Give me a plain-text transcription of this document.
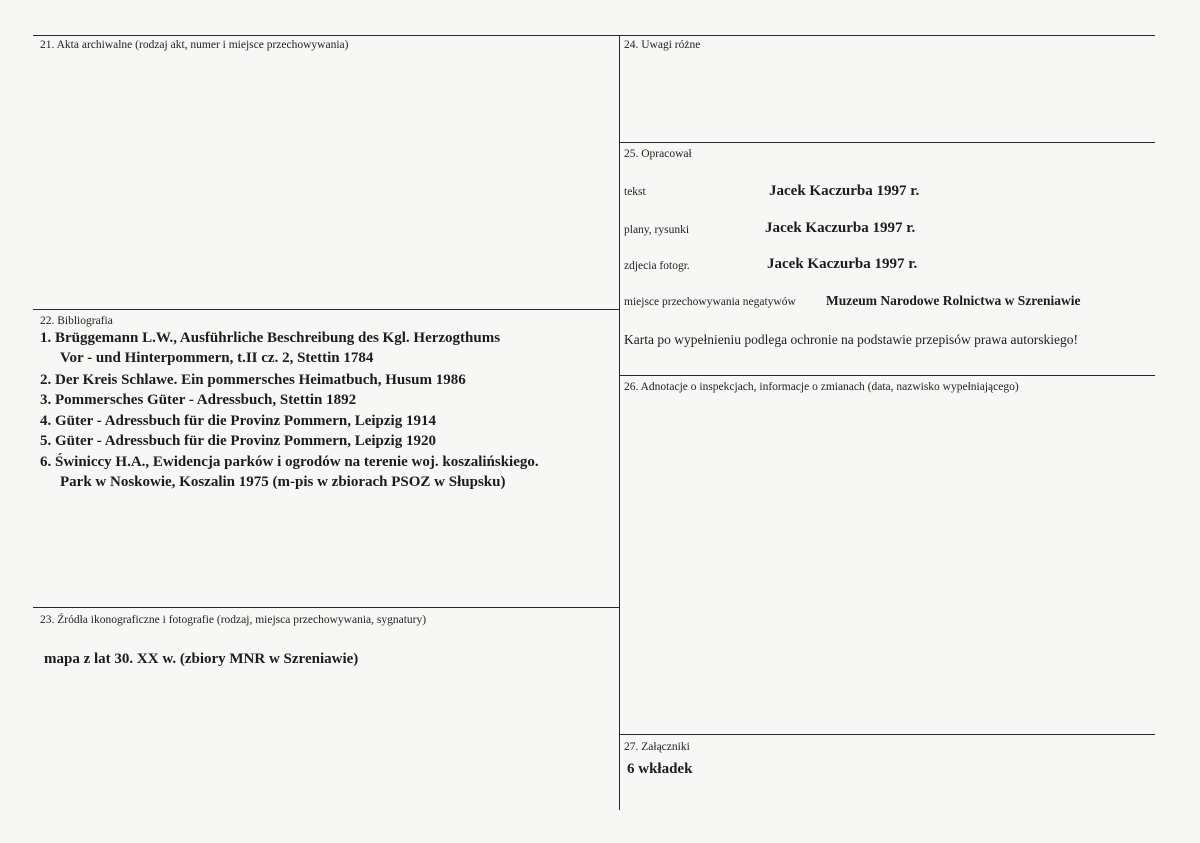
21. Akta archiwalne (rodzaj akt, numer i miejsce przechowywania)
22. Bibliografia
1. Brüggemann L.W., Ausführliche Beschreibung des Kgl. Herzogthums
Vor - und Hinterpommern, t.II cz. 2, Stettin 1784
2. Der Kreis Schlawe. Ein pommersches Heimatbuch, Husum 1986
3. Pommersches Güter - Adressbuch, Stettin 1892
4. Güter - Adressbuch für die Provinz Pommern, Leipzig 1914
5. Güter - Adressbuch für die Provinz Pommern, Leipzig 1920
6. Świniccy H.A., Ewidencja parków i ogrodów na terenie woj. koszalińskiego.
Park w Noskowie, Koszalin 1975 (m-pis w zbiorach PSOZ w Słupsku)
23. Źródła ikonograficzne i fotografie (rodzaj, miejsca przechowywania, sygnatury)
mapa z lat 30. XX w. (zbiory MNR w Szreniawie)
24. Uwagi różne
25. Opracował
tekst	Jacek Kaczurba 1997 r.
plany, rysunki	Jacek Kaczurba 1997 r.
zdjecia fotogr.	Jacek Kaczurba 1997 r.
miejsce przechowywania negatywów Muzeum Narodowe Rolnictwa w Szreniawie
Karta po wypełnieniu podlega ochronie na podstawie przepisów prawa autorskiego!
26. Adnotacje o inspekcjach, informacje o zmianach (data, nazwisko wypełniającego)
27. Załączniki
6 wkładek
